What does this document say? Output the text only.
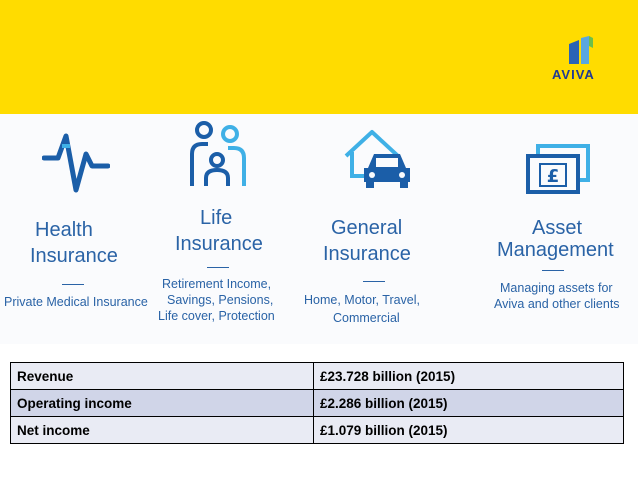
AVIVA
Health
Insurance
Private Medical Insurance
Life
Insurance
Retirement Income,
Savings, Pensions,
Life cover, Protection
General
Insurance
Home, Motor, Travel,
Commercial
£
Asset
Management
Managing assets for
Aviva and other clients
Revenue	£23.728 billion (2015)
Operating income	£2.286 billion (2015)
Net income	£1.079 billion (2015)
